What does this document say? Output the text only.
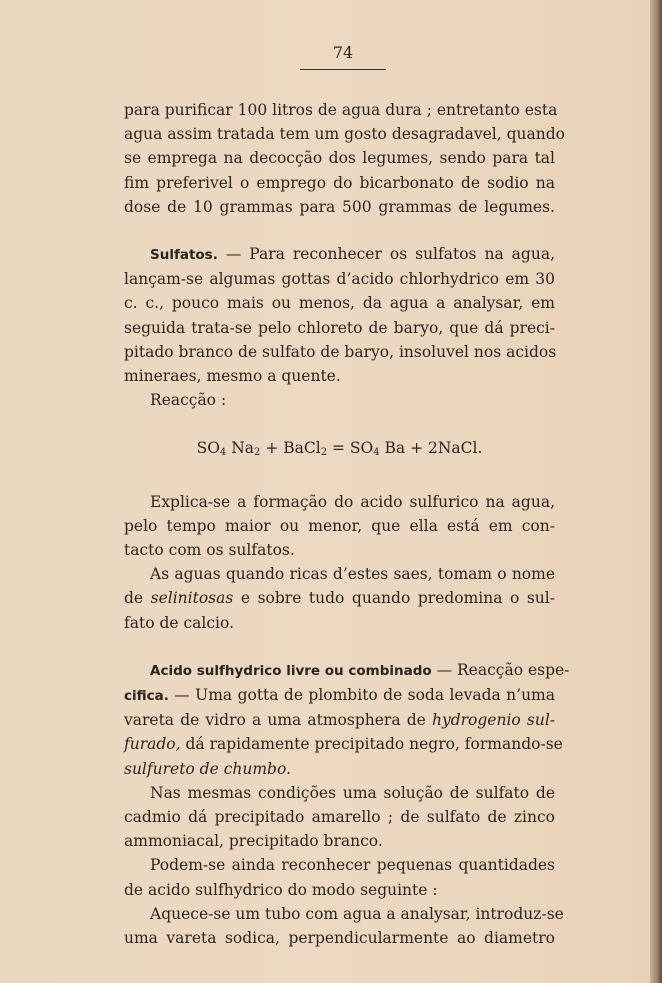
74
para purificar 100 litros de agua dura ; entretanto esta
agua assim tratada tem um gosto desagradavel, quando
se emprega na decocção dos legumes, sendo para tal
fim preferivel o emprego do bicarbonato de sodio na
dose de 10 grammas para 500 grammas de legumes.
Sulfatos. — Para reconhecer os sulfatos na agua,
lançam-se algumas gottas d’acido chlorhydrico em 30
c. c., pouco mais ou menos, da agua a analysar, em
seguida trata-se pelo chloreto de baryo, que dá preci-
pitado branco de sulfato de baryo, insoluvel nos acidos
mineraes, mesmo a quente.
Reacção :
$SO_4$ $Na_2$ + BaCl$_2$ = $SO_4$ Ba + 2NaCl.
Explica-se a formação do acido sulfurico na agua,
pelo tempo maior ou menor, que ella está em con-
tacto com os sulfatos.
As aguas quando ricas d’estes saes, tomam o nome
de selinitosas e sobre tudo quando predomina o sul-
fato de calcio.
Acido sulfhydrico livre ou combinado — Reacção espe-
cifica. — Uma gotta de plombito de soda levada n’uma
vareta de vidro a uma atmosphera de hydrogenio sul-
furado, dá rapidamente precipitado negro, formando-se
sulfureto de chumbo.
Nas mesmas condições uma solução de sulfato de
cadmio dá precipitado amarello ; de sulfato de zinco
ammoniacal, precipitado branco.
Podem-se ainda reconhecer pequenas quantidades
de acido sulfhydrico do modo seguinte :
Aquece-se um tubo com agua a analysar, introduz-se
uma vareta sodica, perpendicularmente ao diametro
